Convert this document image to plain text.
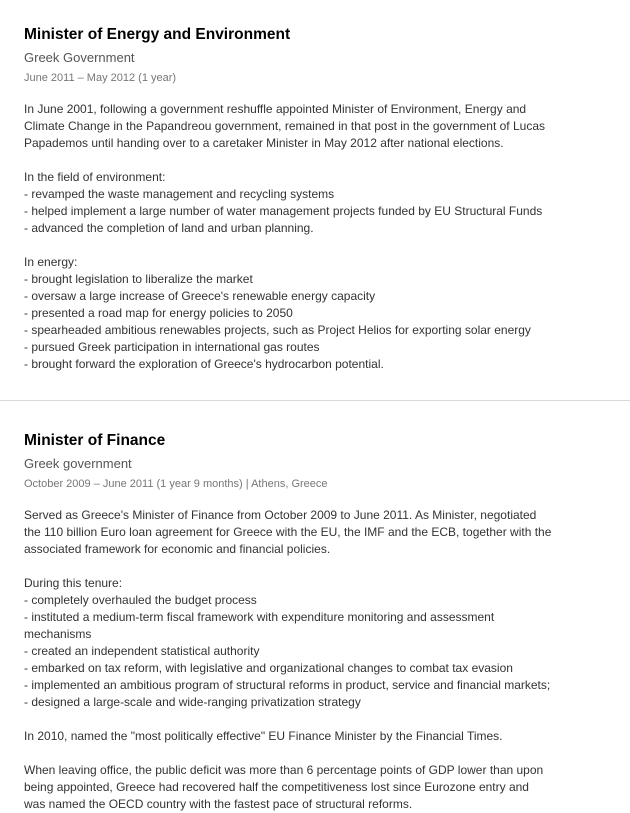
Minister of Energy and Environment
Greek Government
June 2011 – May 2012 (1 year)
In June 2001, following a government reshuffle appointed Minister of Environment, Energy and
Climate Change in the Papandreou government, remained in that post in the government of Lucas
Papademos until handing over to a caretaker Minister in May 2012 after national elections.
In the field of environment:
- revamped the waste management and recycling systems
- helped implement a large number of water management projects funded by EU Structural Funds
- advanced the completion of land and urban planning.
In energy:
- brought legislation to liberalize the market
- oversaw a large increase of Greece's renewable energy capacity
- presented a road map for energy policies to 2050
- spearheaded ambitious renewables projects, such as Project Helios for exporting solar energy
- pursued Greek participation in international gas routes
- brought forward the exploration of Greece's hydrocarbon potential.
Minister of Finance
Greek government
October 2009 – June 2011 (1 year 9 months) | Athens, Greece
Served as Greece's Minister of Finance from October 2009 to June 2011. As Minister, negotiated
the 110 billion Euro loan agreement for Greece with the EU, the IMF and the ECB, together with the
associated framework for economic and financial policies.
During this tenure:
- completely overhauled the budget process
- instituted a medium-term fiscal framework with expenditure monitoring and assessment
mechanisms
- created an independent statistical authority
- embarked on tax reform, with legislative and organizational changes to combat tax evasion
- implemented an ambitious program of structural reforms in product, service and financial markets;
- designed a large-scale and wide-ranging privatization strategy
In 2010, named the "most politically effective" EU Finance Minister by the Financial Times.
When leaving office, the public deficit was more than 6 percentage points of GDP lower than upon
being appointed, Greece had recovered half the competitiveness lost since Eurozone entry and
was named the OECD country with the fastest pace of structural reforms.
